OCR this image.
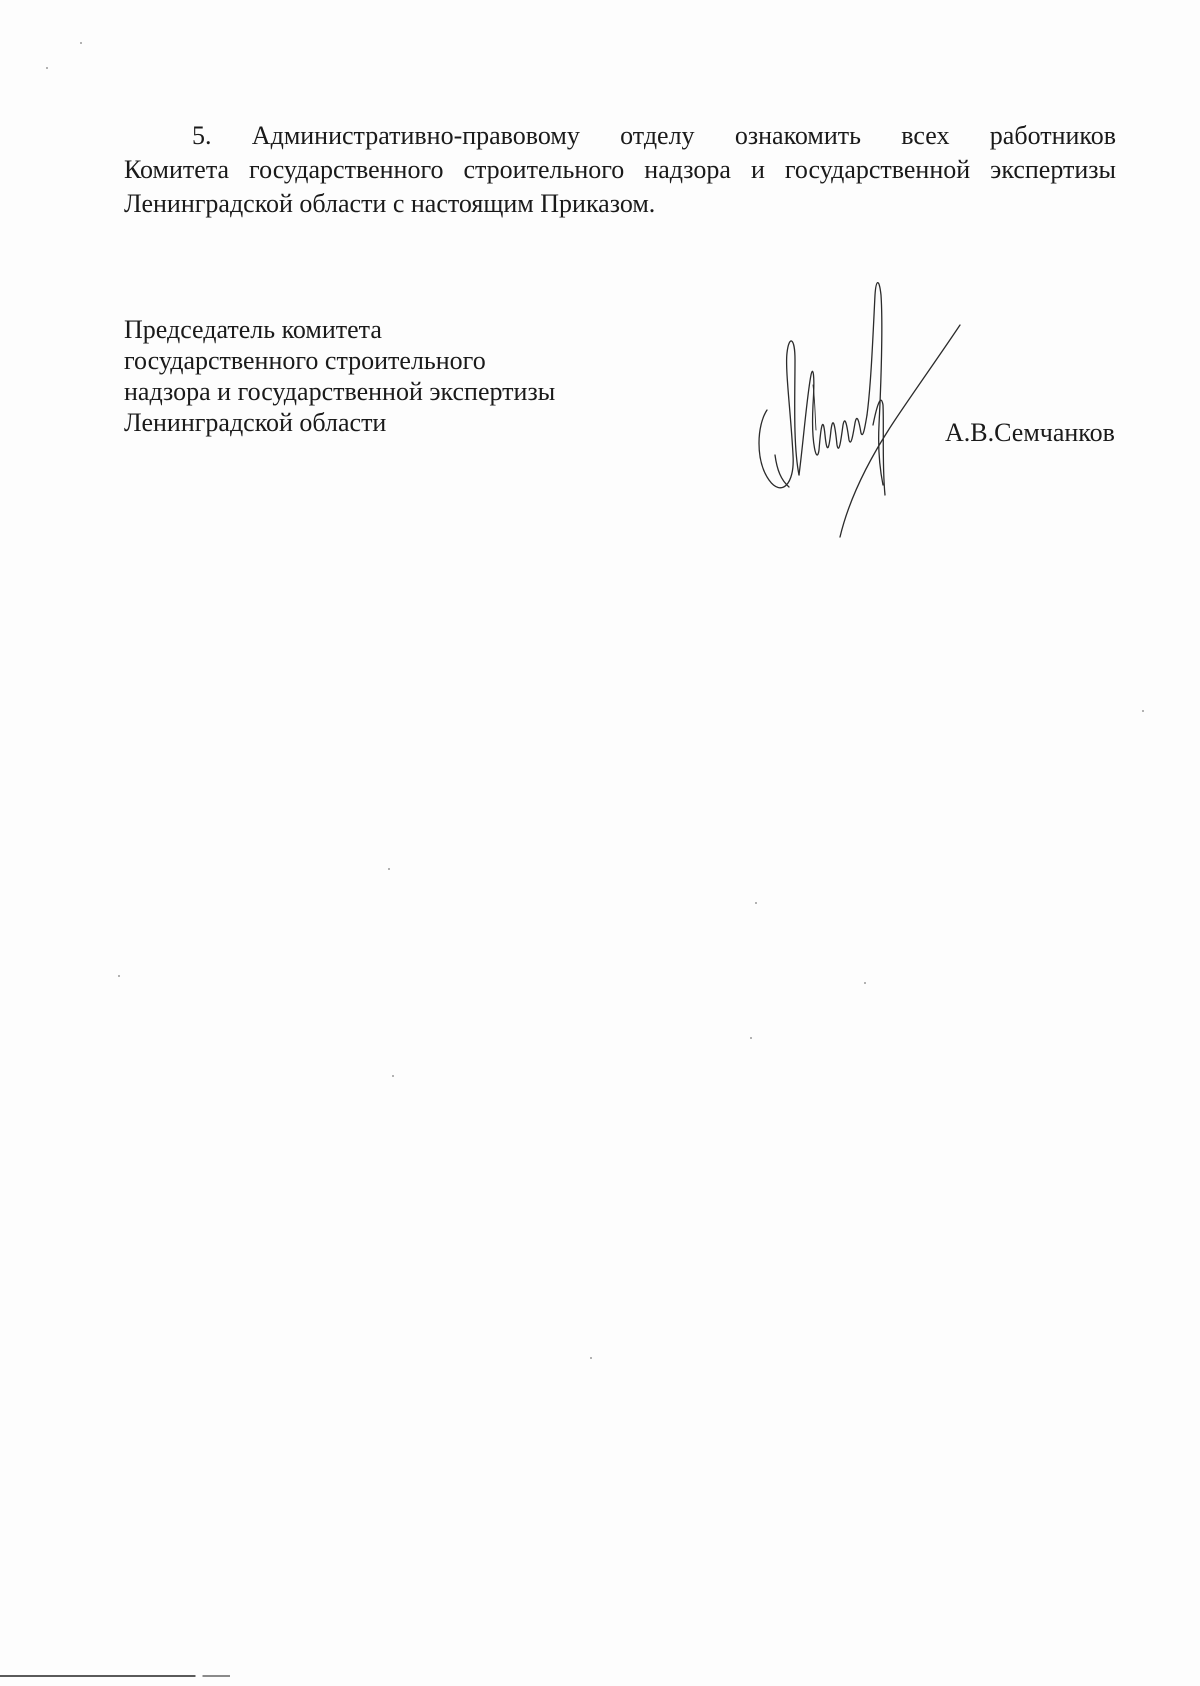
5. Административно-правовому отделу ознакомить всех работников
Комитета государственного строительного надзора и государственной экспертизы
Ленинградской области с настоящим Приказом.
Председатель комитета
государственного строительного
надзора и государственной экспертизы
Ленинградской области	А.В.Семчанков
